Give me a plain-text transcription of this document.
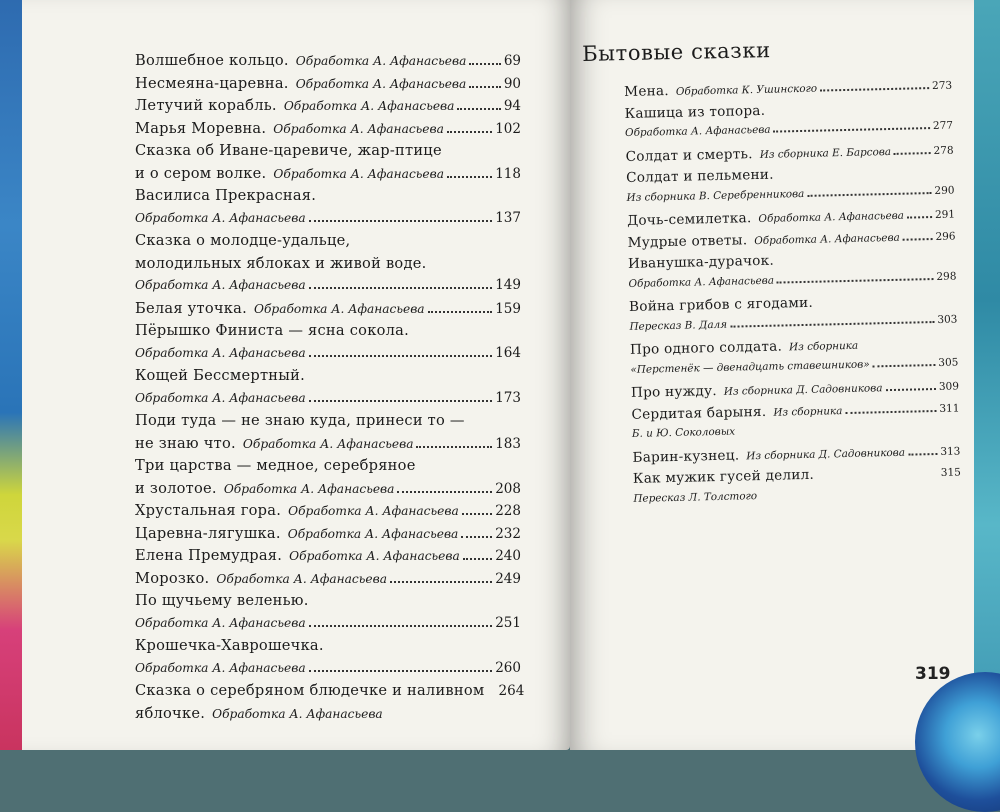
Волшебное кольцо. Обработка А. Афанасьева	69
Несмеяна-царевна. Обработка А. Афанасьева	90
Летучий корабль. Обработка А. Афанасьева	94
Марья Моревна. Обработка А. Афанасьева	102
Сказка об Иване-царевиче, жар-птице
и о сером волке. Обработка А. Афанасьева	118
Василиса Прекрасная.
Обработка А. Афанасьева	137
Сказка о молодце-удальце,
молодильных яблоках и живой воде.
Обработка А. Афанасьева	149
Белая уточка. Обработка А. Афанасьева	159
Пёрышко Финиста — ясна сокола.
Обработка А. Афанасьева	164
Кощей Бессмертный.
Обработка А. Афанасьева	173
Поди туда — не знаю куда, принеси то —
не знаю что. Обработка А. Афанасьева	183
Три царства — медное, серебряное
и золотое. Обработка А. Афанасьева	208
Хрустальная гора. Обработка А. Афанасьева	228
Царевна-лягушка. Обработка А. Афанасьева	232
Елена Премудрая. Обработка А. Афанасьева	240
Морозко. Обработка А. Афанасьева	249
По щучьему веленью.
Обработка А. Афанасьева	251
Крошечка-Хаврошечка.
Обработка А. Афанасьева	260
Сказка о серебряном блюдечке и наливном 264
яблочке. Обработка А. Афанасьева
Бытовые сказки
Мена. Обработка К. Ушинского	273
Кашица из топора.
Обработка А. Афанасьева	277
Солдат и смерть. Из сборника Е. Барсова	278
Солдат и пельмени.
Из сборника В. Серебренникова	290
Дочь-семилетка. Обработка А. Афанасьева	291
Мудрые ответы. Обработка А. Афанасьева	296
Иванушка-дурачок.
Обработка А. Афанасьева	298
Война грибов с ягодами.
Пересказ В. Даля	303
Про одного солдата. Из сборника
«Перстенёк — двенадцать ставешников»	305
Про нужду. Из сборника Д. Садовникова	309
Сердитая барыня. Из сборника	311
Б. и Ю. Соколовых
Барин-кузнец. Из сборника Д. Садовникова	313
Как мужик гусей делил.	315
Пересказ Л. Толстого
319
